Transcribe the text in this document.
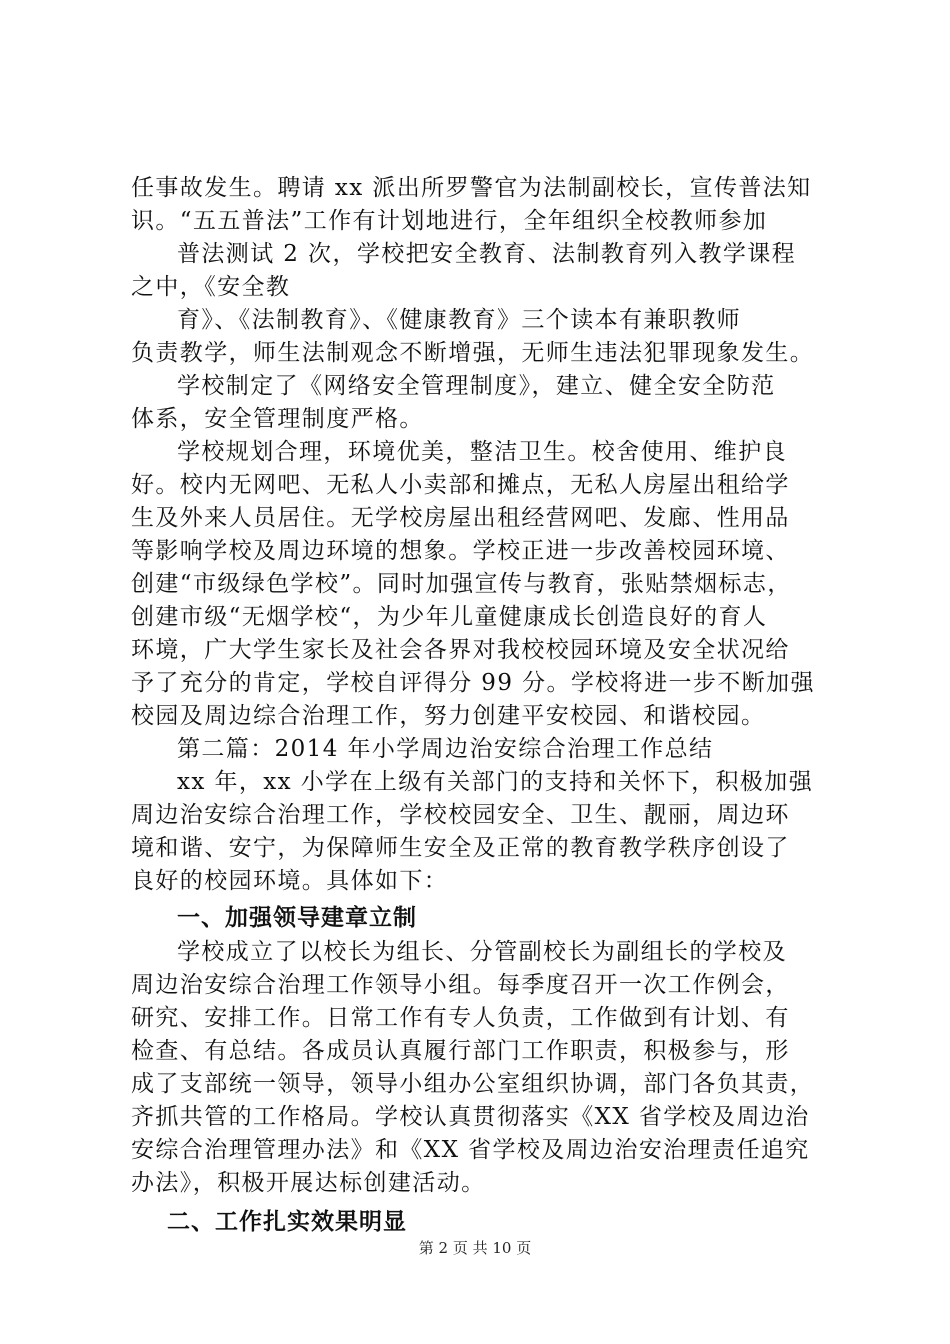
任事故发生。聘请 xx 派出所罗警官为法制副校长，宣传普法知
识。“五五普法”工作有计划地进行，全年组织全校教师参加
普法测试 2 次，学校把安全教育、法制教育列入教学课程
之中，《安全教
育》、《法制教育》、《健康教育》三个读本有兼职教师
负责教学，师生法制观念不断增强，无师生违法犯罪现象发生。
学校制定了《网络安全管理制度》，建立、健全安全防范
体系，安全管理制度严格。
学校规划合理，环境优美，整洁卫生。校舍使用、维护良
好。校内无网吧、无私人小卖部和摊点，无私人房屋出租给学
生及外来人员居住。无学校房屋出租经营网吧、发廊、性用品
等影响学校及周边环境的想象。学校正进一步改善校园环境、
创建“市级绿色学校”。同时加强宣传与教育，张贴禁烟标志，
创建市级“无烟学校“，为少年儿童健康成长创造良好的育人
环境，广大学生家长及社会各界对我校校园环境及安全状况给
予了充分的肯定，学校自评得分 99 分。学校将进一步不断加强
校园及周边综合治理工作，努力创建平安校园、和谐校园。
第二篇：2014 年小学周边治安综合治理工作总结
xx 年，xx 小学在上级有关部门的支持和关怀下，积极加强
周边治安综合治理工作，学校校园安全、卫生、靓丽，周边环
境和谐、安宁，为保障师生安全及正常的教育教学秩序创设了
良好的校园环境。具体如下：
一、加强领导建章立制
学校成立了以校长为组长、分管副校长为副组长的学校及
周边治安综合治理工作领导小组。每季度召开一次工作例会，
研究、安排工作。日常工作有专人负责，工作做到有计划、有
检查、有总结。各成员认真履行部门工作职责，积极参与，形
成了支部统一领导，领导小组办公室组织协调，部门各负其责，
齐抓共管的工作格局。学校认真贯彻落实《XX 省学校及周边治
安综合治理管理办法》和《XX 省学校及周边治安治理责任追究
办法》，积极开展达标创建活动。
二、工作扎实效果明显
第 2 页 共 10 页
